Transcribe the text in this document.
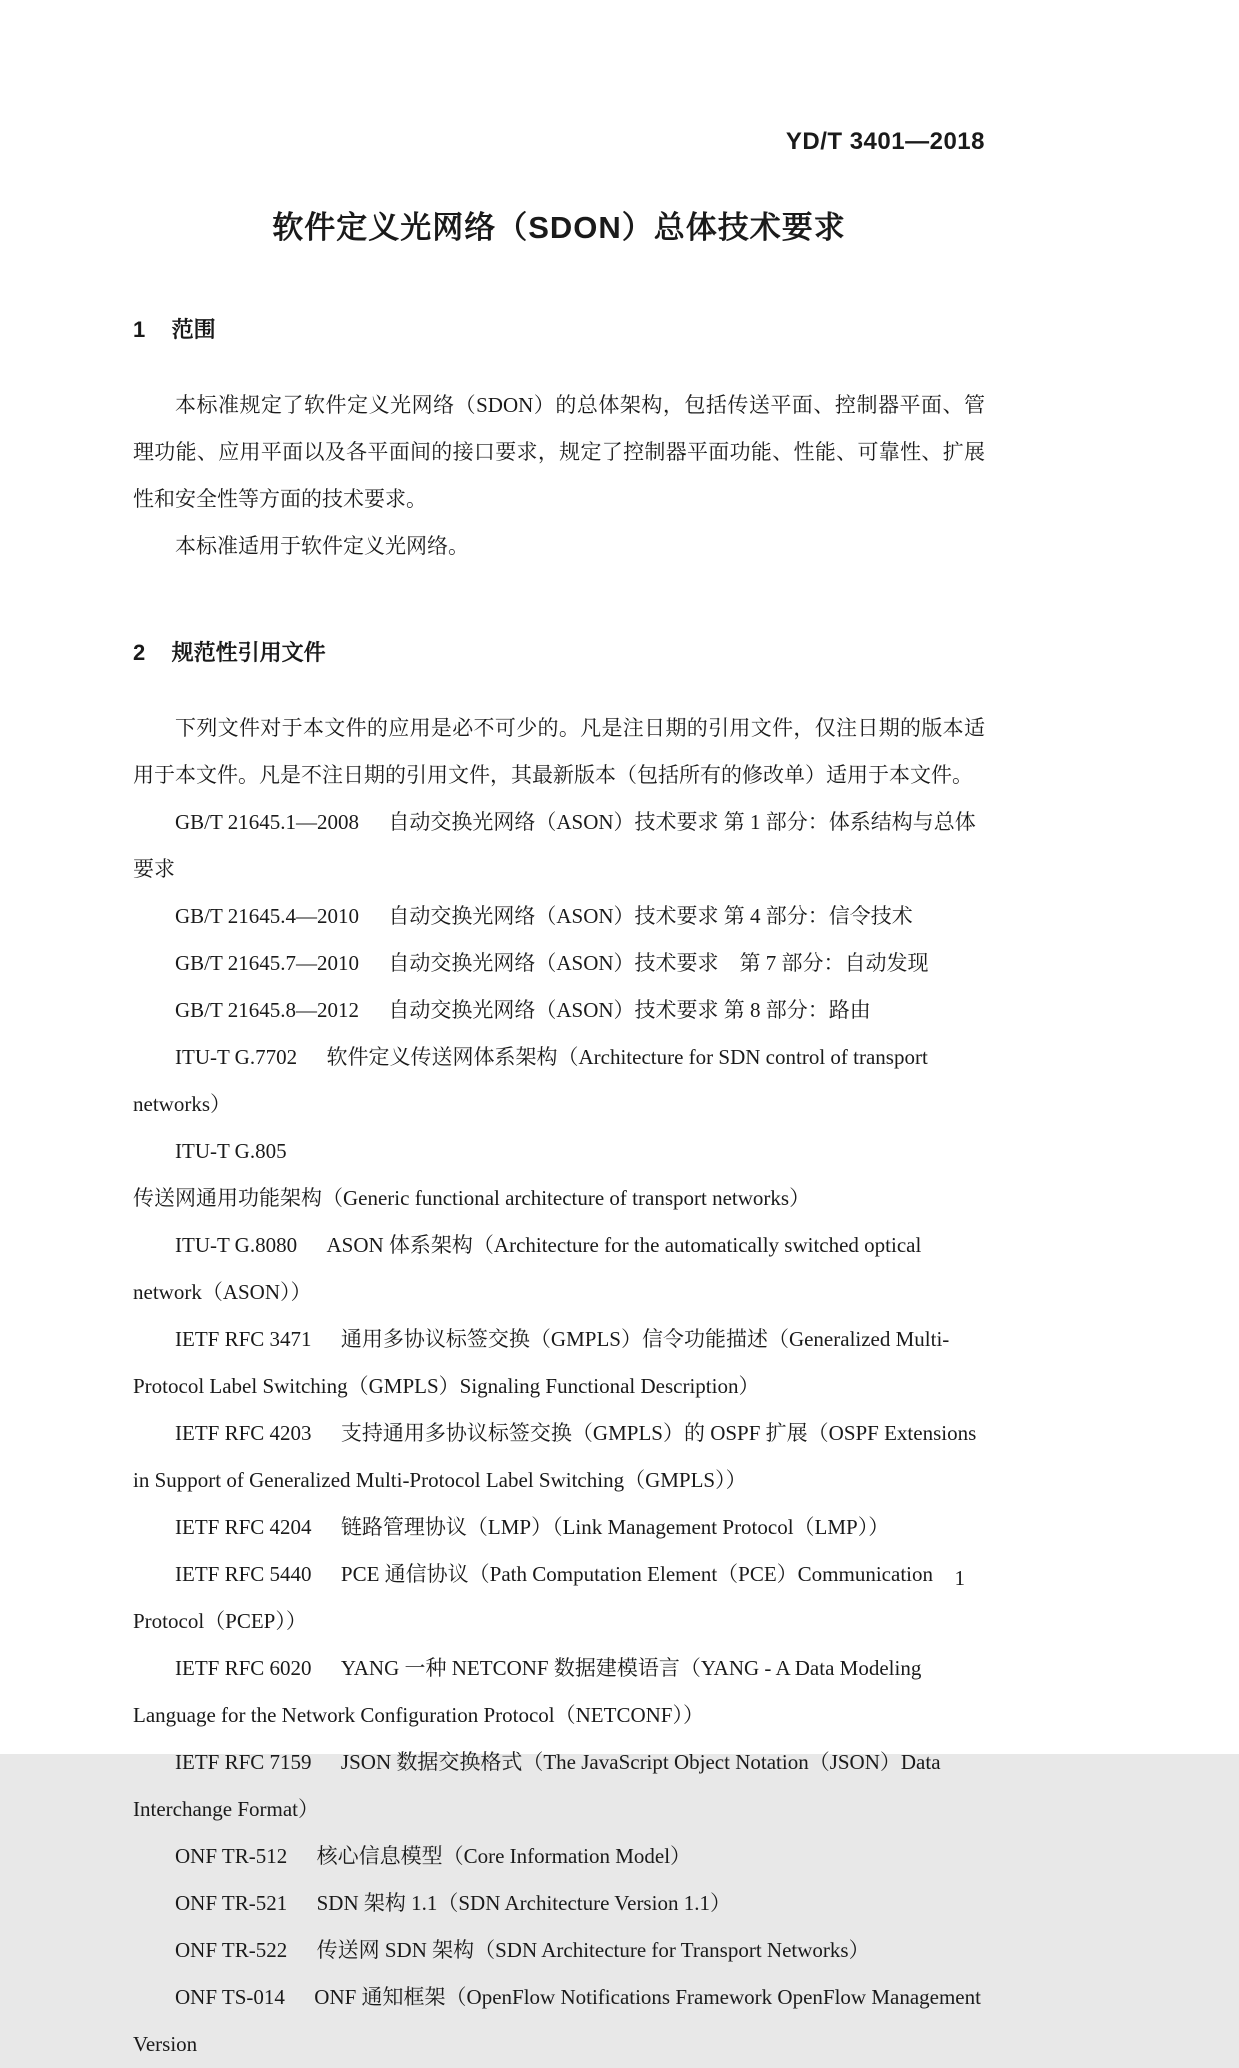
YD/T 3401—2018
软件定义光网络（SDON）总体技术要求
1 范围

本标准规定了软件定义光网络（SDON）的总体架构，包括传送平面、控制器平面、管理功能、应用平面以及各平面间的接口要求，规定了控制器平面功能、性能、可靠性、扩展性和安全性等方面的技术要求。

本标准适用于软件定义光网络。

2 规范性引用文件

下列文件对于本文件的应用是必不可少的。凡是注日期的引用文件，仅注日期的版本适用于本文件。凡是不注日期的引用文件，其最新版本（包括所有的修改单）适用于本文件。

GB/T 21645.1—2008 自动交换光网络（ASON）技术要求 第 1 部分：体系结构与总体要求

GB/T 21645.4—2010 自动交换光网络（ASON）技术要求 第 4 部分：信令技术

GB/T 21645.7—2010 自动交换光网络（ASON）技术要求　第 7 部分：自动发现

GB/T 21645.8—2012 自动交换光网络（ASON）技术要求 第 8 部分：路由

ITU-T G.7702 软件定义传送网体系架构（Architecture for SDN control of transport networks）

ITU-T G.805传送网通用功能架构（Generic functional architecture of transport networks）

ITU-T G.8080 ASON 体系架构（Architecture for the automatically switched optical network（ASON））

IETF RFC 3471 通用多协议标签交换（GMPLS）信令功能描述（Generalized Multi-Protocol Label Switching（GMPLS）Signaling Functional Description）

IETF RFC 4203 支持通用多协议标签交换（GMPLS）的 OSPF 扩展（OSPF Extensions in Support of Generalized Multi-Protocol Label Switching（GMPLS））

IETF RFC 4204 链路管理协议（LMP）（Link Management Protocol（LMP））

IETF RFC 5440 PCE 通信协议（Path Computation Element（PCE）Communication Protocol（PCEP））

IETF RFC 6020 YANG 一种 NETCONF 数据建模语言（YANG - A Data Modeling Language for the Network Configuration Protocol（NETCONF））

IETF RFC 7159 JSON 数据交换格式（The JavaScript Object Notation（JSON）Data Interchange Format）

ONF TR-512 核心信息模型（Core Information Model）

ONF TR-521 SDN 架构 1.1（SDN Architecture Version 1.1）

ONF TR-522 传送网 SDN 架构（SDN Architecture for Transport Networks）

ONF TS-014 ONF 通知框架（OpenFlow Notifications Framework OpenFlow Management Version

1
